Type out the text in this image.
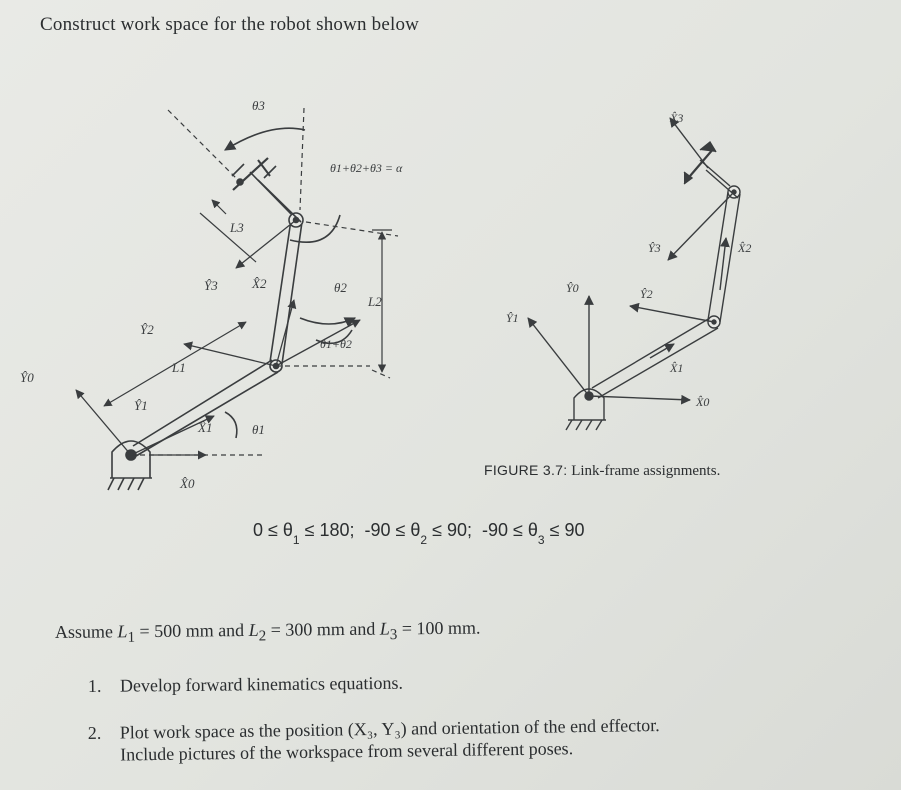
Construct work space for the robot shown below
θ3
θ1+θ2+θ3 = α
L3
Ŷ3	X̂2	θ2
L2
θ1+θ2
Ŷ2
L1
Ŷ1
X̂1	θ1
Ŷ0
X̂0
X̂3
Ŷ3	X̂2
Ŷ0	Ŷ2
Ŷ1
X̂1
X̂0
FIGURE 3.7: Link-frame assignments.
$0 \le \theta_1 \le 180$;  $-90 \le \theta_2 \le 90$;  $-90 \le \theta_3 \le 90$
Assume $L_1 = 500$ mm and $L_2 = 300$ mm and $L_3 = 100$ mm.
1. Develop forward kinematics equations.
2. Plot work space as the position (X₃, Y₃) and orientation of the end effector.
Include pictures of the workspace from several different poses.
